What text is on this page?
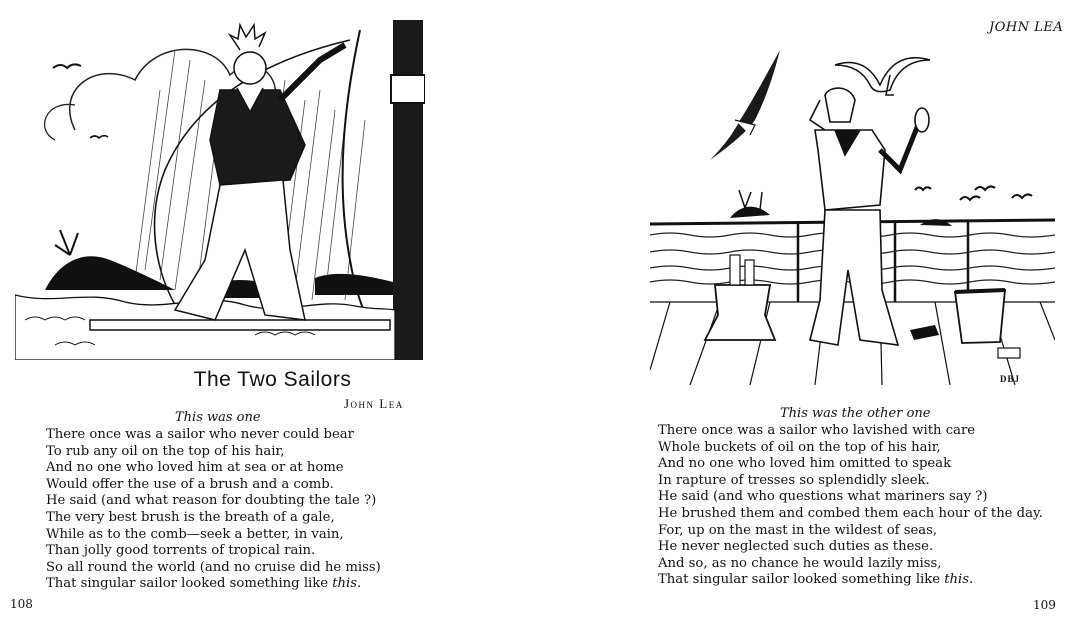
The Two Sailors
John Lea
This was one
There once was a sailor who never could bear
To rub any oil on the top of his hair,
And no one who loved him at sea or at home
Would offer the use of a brush and a comb.
He said (and what reason for doubting the tale ?)
The very best brush is the breath of a gale,
While as to the comb—seek a better, in vain,
Than jolly good torrents of tropical rain.
So all round the world (and no cruise did he miss)
That singular sailor looked something like this.
108
JOHN LEA
DBJ
This was the other one
There once was a sailor who lavished with care
Whole buckets of oil on the top of his hair,
And no one who loved him omitted to speak
In rapture of tresses so splendidly sleek.
He said (and who questions what mariners say ?)
He brushed them and combed them each hour of the day.
For, up on the mast in the wildest of seas,
He never neglected such duties as these.
And so, as no chance he would lazily miss,
That singular sailor looked something like this.
109
